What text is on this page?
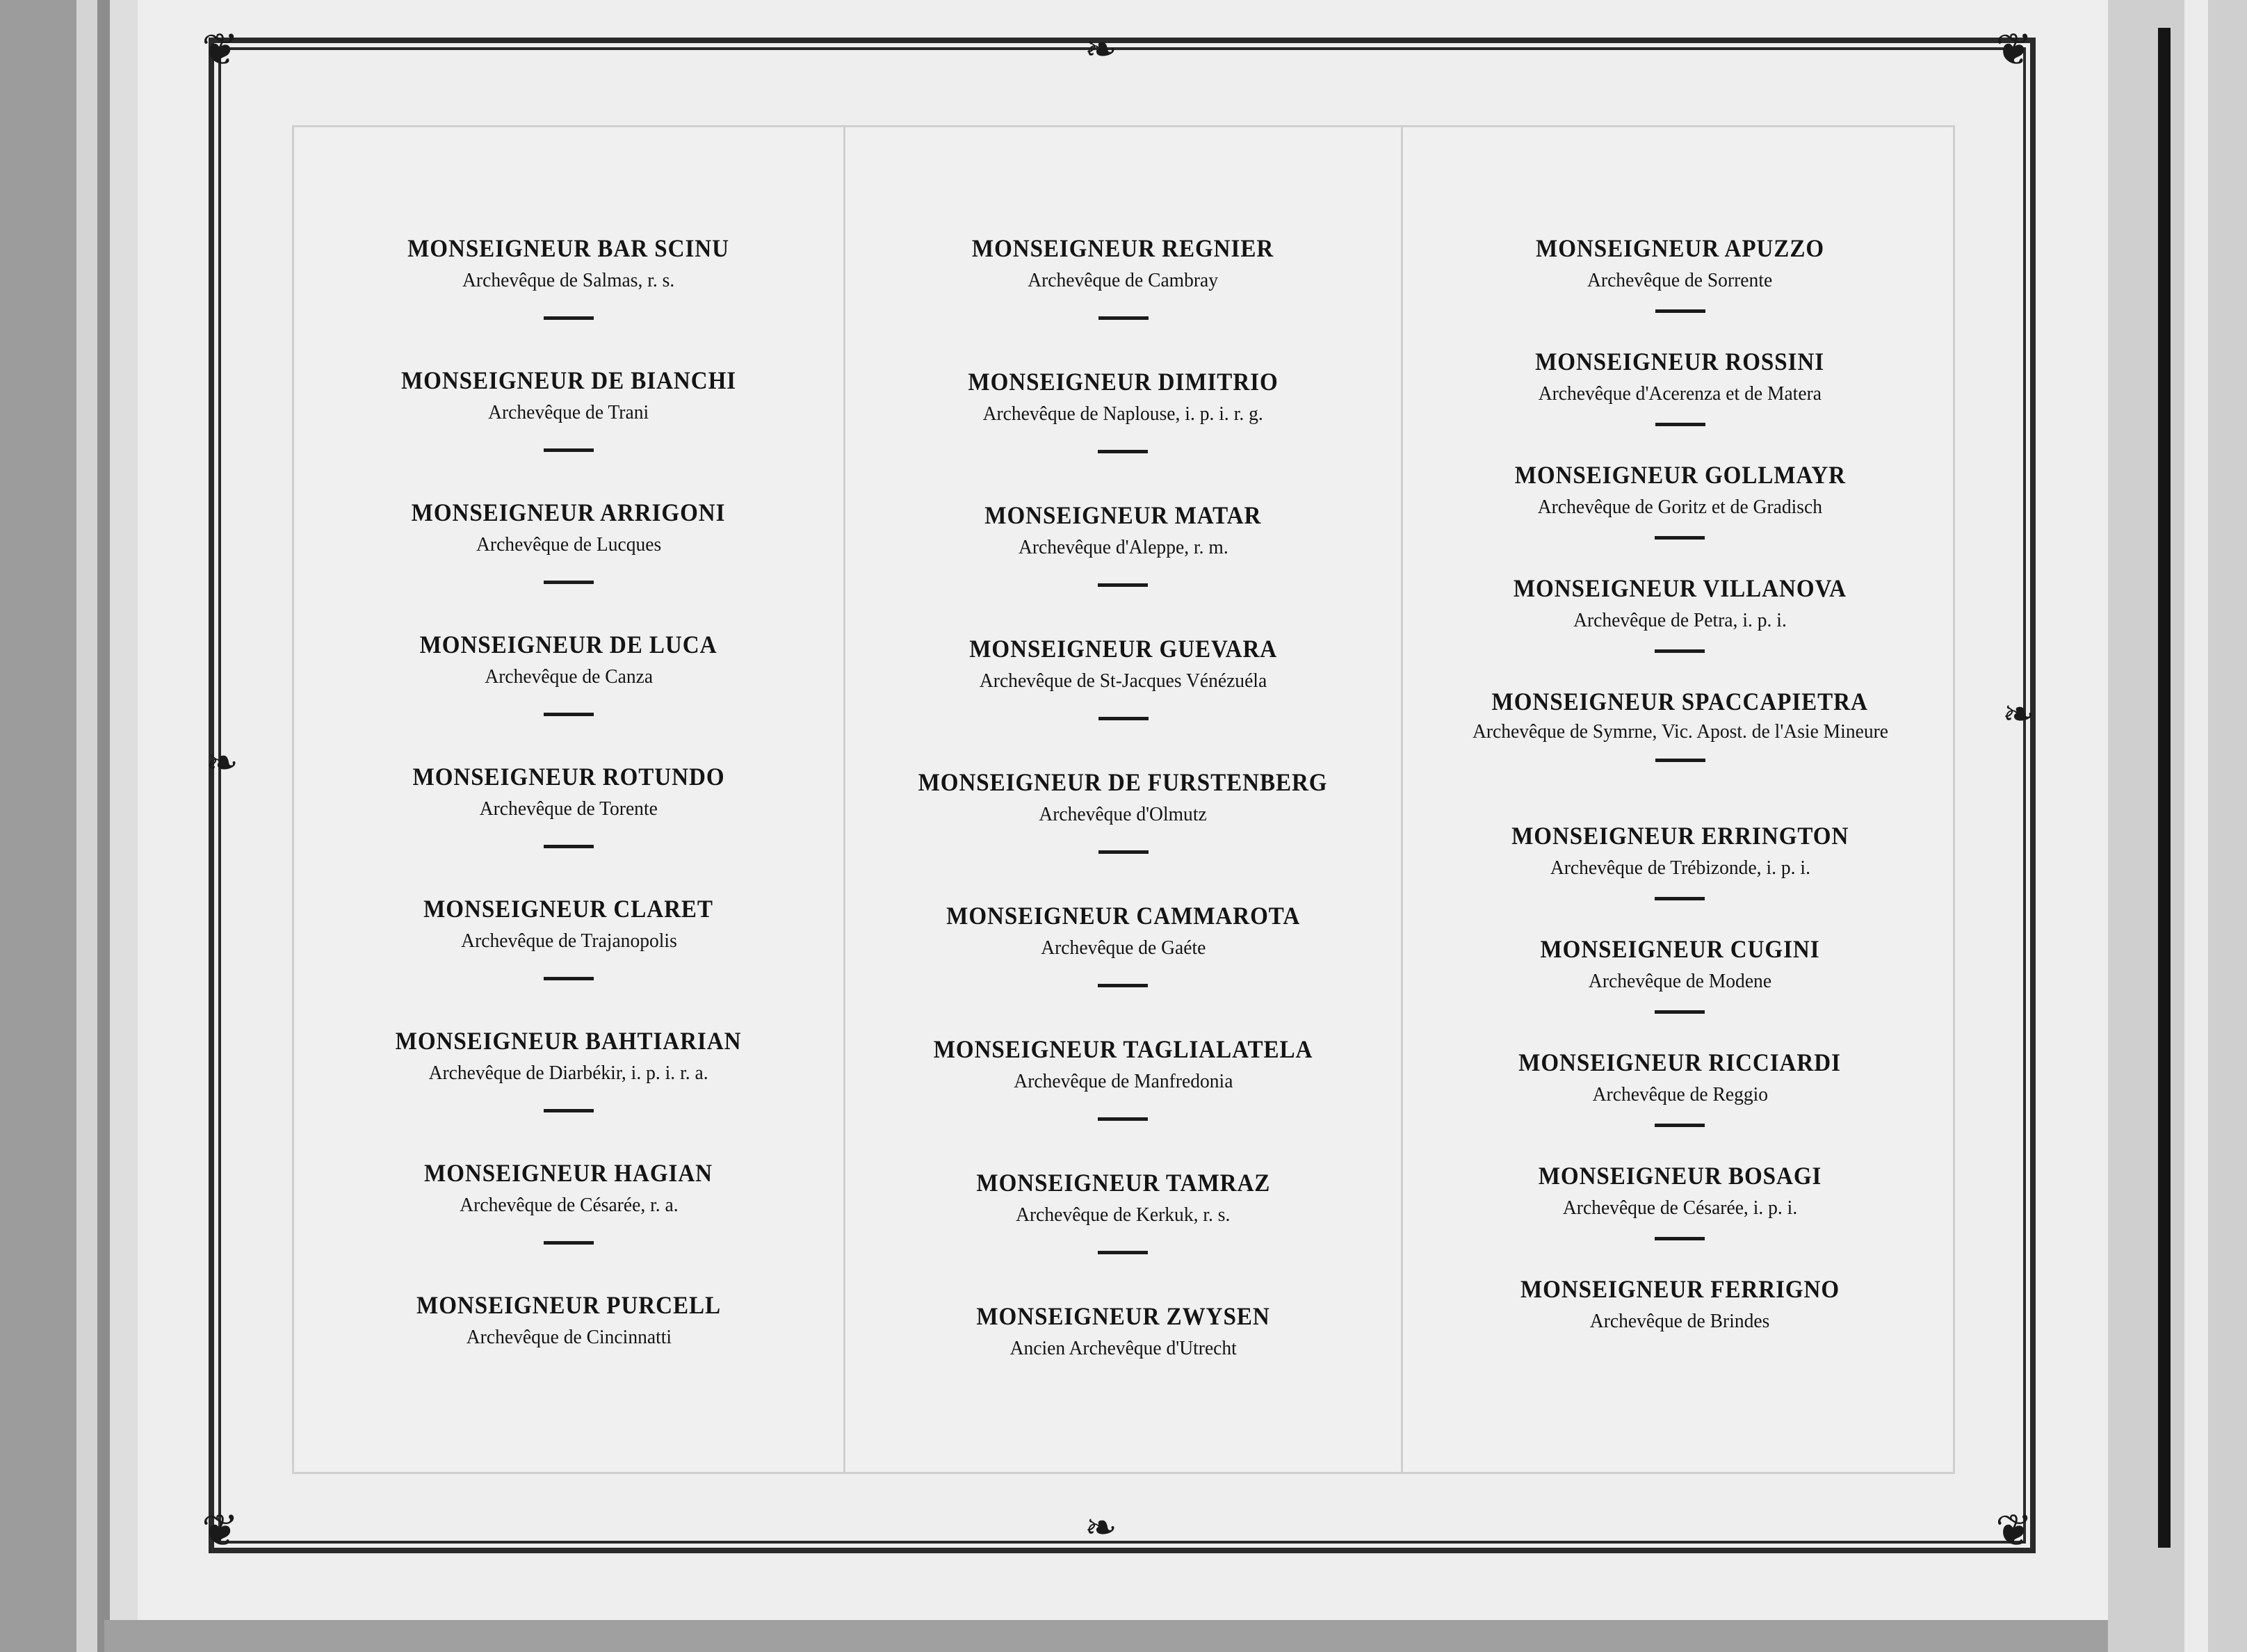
❦	❦
❦	❦
❧
❧
❧
❧
MONSEIGNEUR BAR SCINU
Archevêque de Salmas, r. s.
MONSEIGNEUR DE BIANCHI
Archevêque de Trani
MONSEIGNEUR ARRIGONI
Archevêque de Lucques
MONSEIGNEUR DE LUCA
Archevêque de Canza
MONSEIGNEUR ROTUNDO
Archevêque de Torente
MONSEIGNEUR CLARET
Archevêque de Trajanopolis
MONSEIGNEUR BAHTIARIAN
Archevêque de Diarbékir, i. p. i. r. a.
MONSEIGNEUR HAGIAN
Archevêque de Césarée, r. a.
MONSEIGNEUR PURCELL
Archevêque de Cincinnatti
MONSEIGNEUR REGNIER
Archevêque de Cambray
MONSEIGNEUR DIMITRIO
Archevêque de Naplouse, i. p. i. r. g.
MONSEIGNEUR MATAR
Archevêque d'Aleppe, r. m.
MONSEIGNEUR GUEVARA
Archevêque de St-Jacques Vénézuéla
MONSEIGNEUR DE FURSTENBERG
Archevêque d'Olmutz
MONSEIGNEUR CAMMAROTA
Archevêque de Gaéte
MONSEIGNEUR TAGLIALATELA
Archevêque de Manfredonia
MONSEIGNEUR TAMRAZ
Archevêque de Kerkuk, r. s.
MONSEIGNEUR ZWYSEN
Ancien Archevêque d'Utrecht
MONSEIGNEUR APUZZO
Archevêque de Sorrente
MONSEIGNEUR ROSSINI
Archevêque d'Acerenza et de Matera
MONSEIGNEUR GOLLMAYR
Archevêque de Goritz et de Gradisch
MONSEIGNEUR VILLANOVA
Archevêque de Petra, i. p. i.
MONSEIGNEUR SPACCAPIETRA
Archevêque de Symrne, Vic. Apost. de l'Asie Mineure
MONSEIGNEUR ERRINGTON
Archevêque de Trébizonde, i. p. i.
MONSEIGNEUR CUGINI
Archevêque de Modene
MONSEIGNEUR RICCIARDI
Archevêque de Reggio
MONSEIGNEUR BOSAGI
Archevêque de Césarée, i. p. i.
MONSEIGNEUR FERRIGNO
Archevêque de Brindes
